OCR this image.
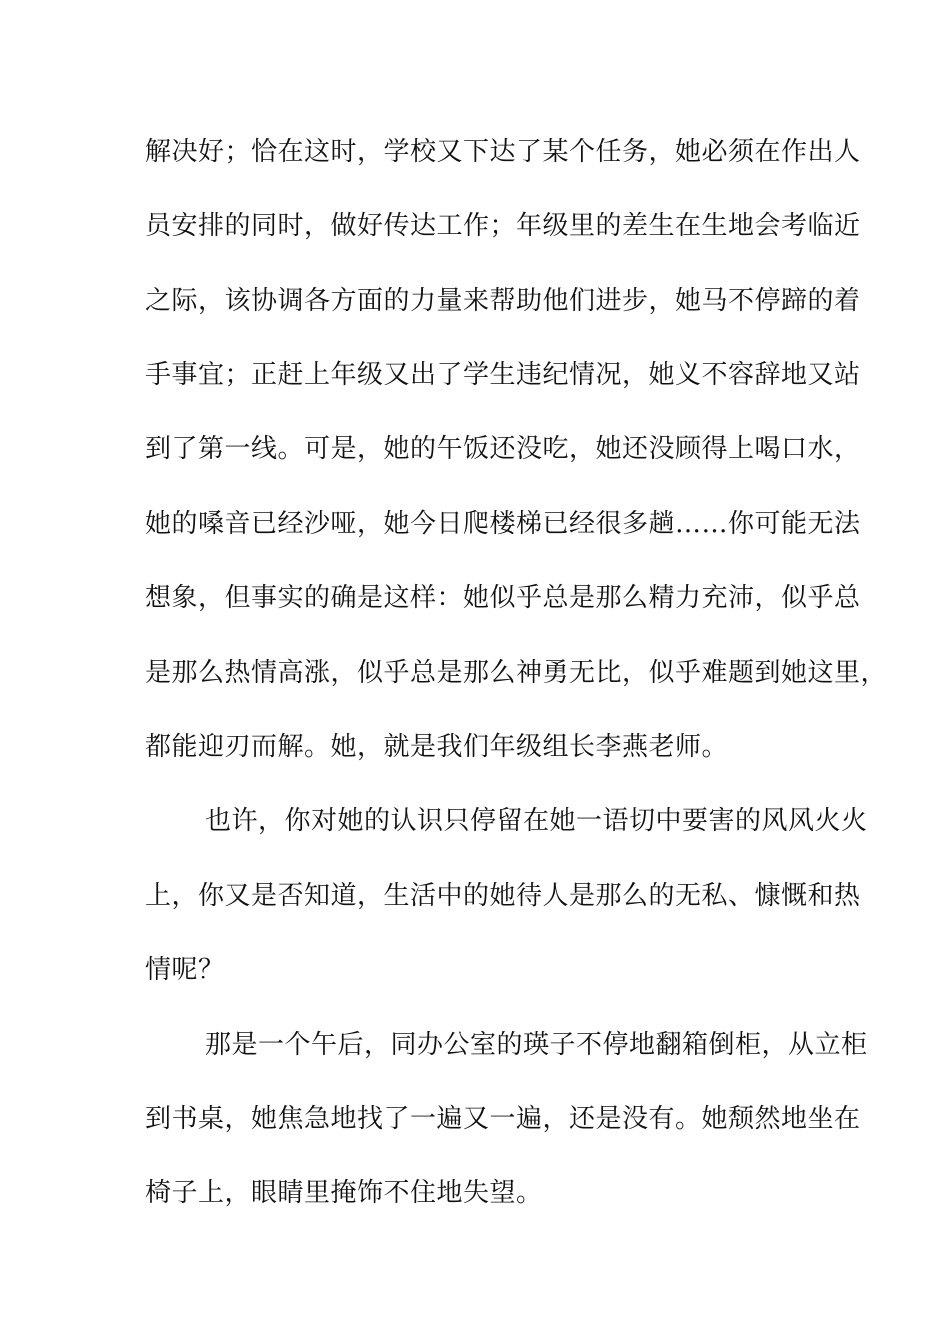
解决好；恰在这时，学校又下达了某个任务，她必须在作出人
员安排的同时，做好传达工作；年级里的差生在生地会考临近
之际，该协调各方面的力量来帮助他们进步，她马不停蹄的着
手事宜；正赶上年级又出了学生违纪情况，她义不容辞地又站
到了第一线。可是，她的午饭还没吃，她还没顾得上喝口水，
她的嗓音已经沙哑，她今日爬楼梯已经很多趟……你可能无法
想象，但事实的确是这样：她似乎总是那么精力充沛，似乎总
是那么热情高涨，似乎总是那么神勇无比，似乎难题到她这里，
都能迎刃而解。她，就是我们年级组长李燕老师。
也许，你对她的认识只停留在她一语切中要害的风风火火
上，你又是否知道，生活中的她待人是那么的无私、慷慨和热
情呢？
那是一个午后，同办公室的瑛子不停地翻箱倒柜，从立柜
到书桌，她焦急地找了一遍又一遍，还是没有。她颓然地坐在
椅子上，眼睛里掩饰不住地失望。
